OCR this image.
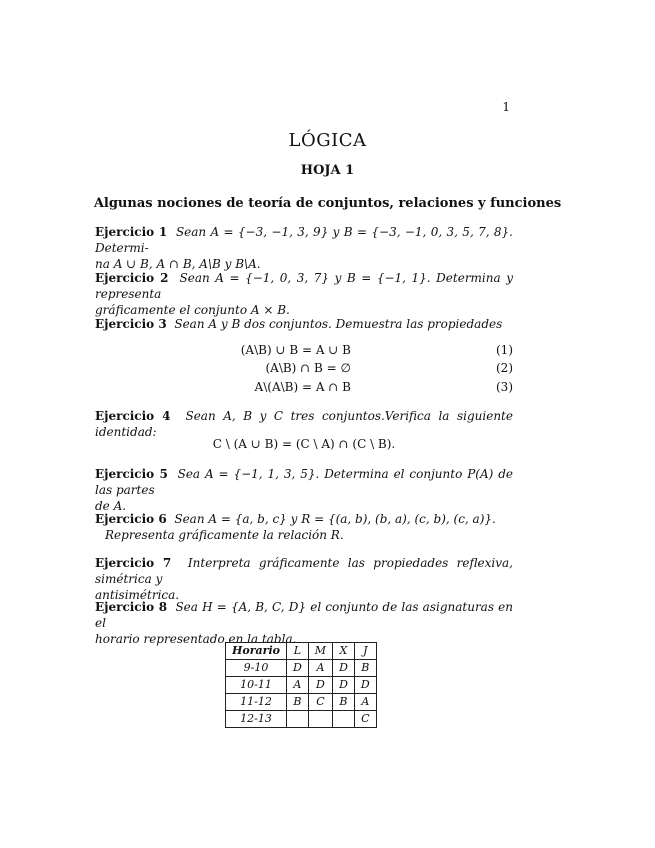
1
LÓGICA
HOJA 1
Algunas nociones de teoría de conjuntos, relaciones y funciones
Ejercicio 1 Sean A = {−3, −1, 3, 9} y B = {−3, −1, 0, 3, 5, 7, 8}. Determi-
na A ∪ B, A ∩ B, A\B y B\A.
Ejercicio 2 Sean A = {−1, 0, 3, 7} y B = {−1, 1}. Determina y representa
gráficamente el conjunto A × B.
Ejercicio 3 Sean A y B dos conjuntos. Demuestra las propiedades
(A\B) ∪ B = A ∪ B	(1)
(A\B) ∩ B = ∅	(2)
A\(A\B) = A ∩ B	(3)
Ejercicio 4 Sean A, B y C tres conjuntos.Verifica la siguiente identidad:
C \ (A ∪ B) = (C \ A) ∩ (C \ B).
Ejercicio 5 Sea A = {−1, 1, 3, 5}. Determina el conjunto P(A) de las partes
de A.
Ejercicio 6 Sean A = {a, b, c} y R = {(a, b), (b, a), (c, b), (c, a)}.
Representa gráficamente la relación R.
Ejercicio 7 Interpreta gráficamente las propiedades reflexiva, simétrica y
antisimétrica.
Ejercicio 8 Sea H = {A, B, C, D} el conjunto de las asignaturas en el
horario representado en la tabla.
Horario	L	M	X	J
9-10	D	A	D	B
10-11	A	D	D	D
11-12	B	C	B	A
12-13				C
